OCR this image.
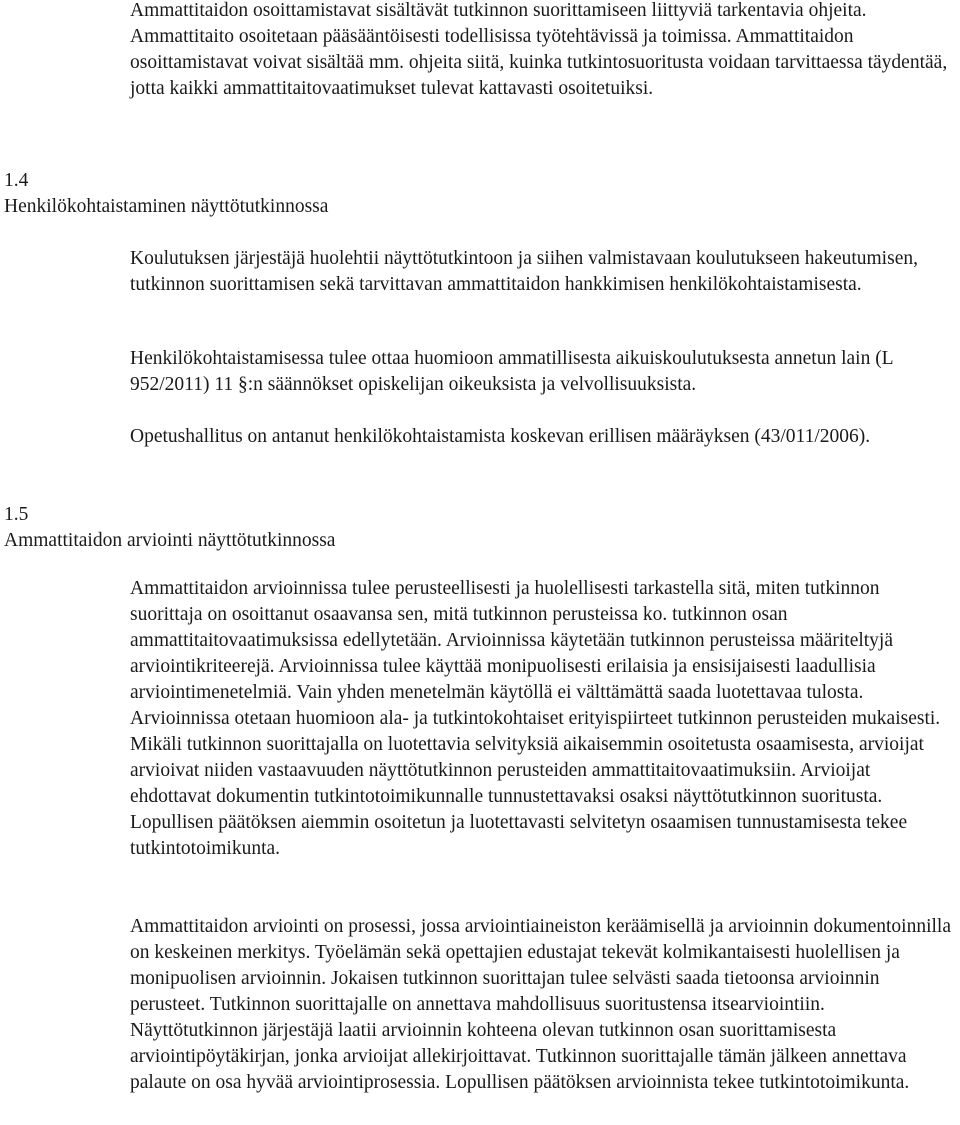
Ammattitaidon osoittamistavat sisältävät tutkinnon suorittamiseen liittyviä tarkentavia ohjeita. Ammattitaito osoitetaan pääsääntöisesti todellisissa työtehtävissä ja toimissa. Ammattitaidon osoittamistavat voivat sisältää mm. ohjeita siitä, kuinka tutkintosuoritusta voidaan tarvittaessa täydentää, jotta kaikki ammattitaitovaatimukset tulevat kattavasti osoitetuiksi.

1.4
Henkilökohtaistaminen näyttötutkinnossa

Koulutuksen järjestäjä huolehtii näyttötutkintoon ja siihen valmistavaan koulutukseen hakeutumisen, tutkinnon suorittamisen sekä tarvittavan ammattitaidon hankkimisen henkilökohtaistamisesta.

Henkilökohtaistamisessa tulee ottaa huomioon ammatillisesta aikuiskoulutuksesta annetun lain (L 952/2011) 11 §:n säännökset opiskelijan oikeuksista ja velvollisuuksista.

Opetushallitus on antanut henkilökohtaistamista koskevan erillisen määräyksen (43/011/2006).

1.5
Ammattitaidon arviointi näyttötutkinnossa

Ammattitaidon arvioinnissa tulee perusteellisesti ja huolellisesti tarkastella sitä, miten tutkinnon suorittaja on osoittanut osaavansa sen, mitä tutkinnon perusteissa ko. tutkinnon osan ammattitaitovaatimuksissa edellytetään. Arvioinnissa käytetään tutkinnon perusteissa määriteltyjä arviointikriteerejä. Arvioinnissa tulee käyttää monipuolisesti erilaisia ja ensisijaisesti laadullisia arviointimenetelmiä. Vain yhden menetelmän käytöllä ei välttämättä saada luotettavaa tulosta. Arvioinnissa otetaan huomioon ala- ja tutkintokohtaiset erityispiirteet tutkinnon perusteiden mukaisesti. Mikäli tutkinnon suorittajalla on luotettavia selvityksiä aikaisemmin osoitetusta osaamisesta, arvioijat arvioivat niiden vastaavuuden näyttötutkinnon perusteiden ammattitaitovaatimuksiin. Arvioijat ehdottavat dokumentin tutkintotoimikunnalle tunnustettavaksi osaksi näyttötutkinnon suoritusta. Lopullisen päätöksen aiemmin osoitetun ja luotettavasti selvitetyn osaamisen tunnustamisesta tekee tutkintotoimikunta.

Ammattitaidon arviointi on prosessi, jossa arviointiaineiston keräämisellä ja arvioinnin dokumentoinnilla on keskeinen merkitys. Työelämän sekä opettajien edustajat tekevät kolmikantaisesti huolellisen ja monipuolisen arvioinnin. Jokaisen tutkinnon suorittajan tulee selvästi saada tietoonsa arvioinnin perusteet. Tutkinnon suorittajalle on annettava mahdollisuus suoritustensa itsearviointiin. Näyttötutkinnon järjestäjä laatii arvioinnin kohteena olevan tutkinnon osan suorittamisesta arviointipöytäkirjan, jonka arvioijat allekirjoittavat. Tutkinnon suorittajalle tämän jälkeen annettava palaute on osa hyvää arviointiprosessia. Lopullisen päätöksen arvioinnista tekee tutkintotoimikunta.
